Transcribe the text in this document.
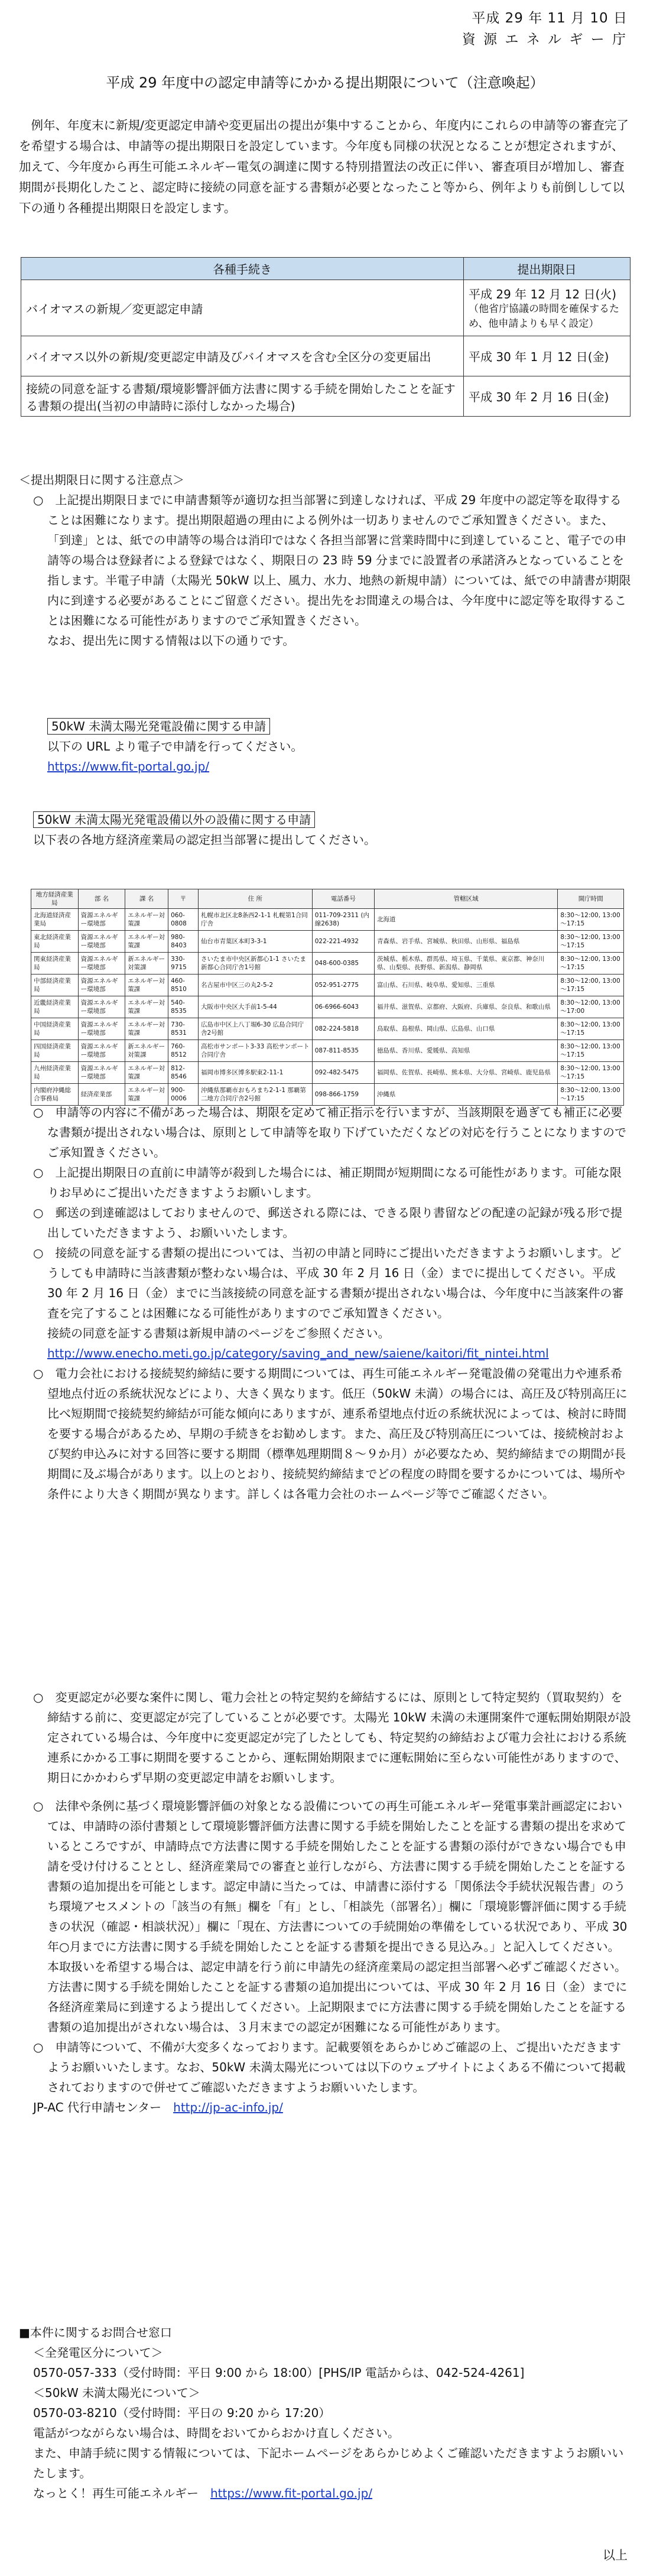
平成 29 年 11 月 10 日
資 源 エ ネ ル ギ ー 庁
平成 29 年度中の認定申請等にかかる提出期限について（注意喚起）

例年、年度末に新規/変更認定申請や変更届出の提出が集中することから、年度内にこれらの申請等の審査完了を希望する場合は、申請等の提出期限日を設定しています。今年度も同様の状況となることが想定されますが、加えて、今年度から再生可能エネルギー電気の調達に関する特別措置法の改正に伴い、審査項目が増加し、審査期間が長期化したこと、認定時に接続の同意を証する書類が必要となったこと等から、例年よりも前倒しして以下の通り各種提出期限日を設定します。

各種手続き	提出期限日
バイオマスの新規／変更認定申請	平成 29 年 12 月 12 日(火)
（他省庁協議の時間を確保するため、他申請よりも早く設定）

バイオマス以外の新規/変更認定申請及びバイオマスを含む全区分の変更届出	平成 30 年 1 月 12 日(金)
接続の同意を証する書類/環境影響評価方法書に関する手続を開始したことを証する書類の提出(当初の申請時に添付しなかった場合)	平成 30 年 2 月 16 日(金)

＜提出期限日に関する注意点＞

○　上記提出期限日までに申請書類等が適切な担当部署に到達しなければ、平成 29 年度中の認定等を取得することは困難になります。提出期限超過の理由による例外は一切ありませんのでご承知置きください。また、「到達」とは、紙での申請等の場合は消印ではなく各担当部署に営業時間中に到達していること、電子での申請等の場合は登録者による登録ではなく、期限日の 23 時 59 分までに設置者の承諾済みとなっていることを指します。半電子申請（太陽光 50kW 以上、風力、水力、地熱の新規申請）については、紙での申請書が期限内に到達する必要があることにご留意ください。提出先をお間違えの場合は、今年度中に認定等を取得することは困難になる可能性がありますのでご承知置きください。

なお、提出先に関する情報は以下の通りです。

50kW 未満太陽光発電設備に関する申請

以下の URL より電子で申請を行ってください。

https://www.fit-portal.go.jp/

50kW 未満太陽光発電設備以外の設備に関する申請

以下表の各地方経済産業局の認定担当部署に提出してください。

地方経済産業局	部 名	課 名	〒	住 所	電話番号	管轄区域	開庁時間
北海道経済産業局	資源エネルギー環境部	エネルギー対策課	060-0808	札幌市北区北8条西2-1-1 札幌第1合同庁舎	011-709-2311 (内線2638)	北海道	8:30～12:00, 13:00～17:15
東北経済産業局	資源エネルギー環境部	エネルギー対策課	980-8403	仙台市青葉区本町3-3-1	022-221-4932	青森県、岩手県、宮城県、秋田県、山形県、福島県	8:30～12:00, 13:00～17:15
関東経済産業局	資源エネルギー環境部	新エネルギー対策課	330-9715	さいたま市中央区新都心1-1 さいたま新都心合同庁舎1号館	048-600-0385	茨城県、栃木県、群馬県、埼玉県、千葉県、東京都、神奈川県、山梨県、長野県、新潟県、静岡県	8:30～12:00, 13:00～17:15
中部経済産業局	資源エネルギー環境部	エネルギー対策課	460-8510	名古屋市中区三の丸2-5-2	052-951-2775	富山県、石川県、岐阜県、愛知県、三重県	8:30～12:00, 13:00～17:15
近畿経済産業局	資源エネルギー環境部	エネルギー対策課	540-8535	大阪市中央区大手前1-5-44	06-6966-6043	福井県、滋賀県、京都府、大阪府、兵庫県、奈良県、和歌山県	8:30～12:00, 13:00～17:00
中国経済産業局	資源エネルギー環境部	エネルギー対策課	730-8531	広島市中区上八丁堀6-30 広島合同庁舎2号館	082-224-5818	鳥取県、島根県、岡山県、広島県、山口県	8:30～12:00, 13:00～17:15
四国経済産業局	資源エネルギー環境部	新エネルギー対策課	760-8512	高松市サンポート3-33 高松サンポート合同庁舎	087-811-8535	徳島県、香川県、愛媛県、高知県	8:30～12:00, 13:00～17:15
九州経済産業局	資源エネルギー環境部	エネルギー対策課	812-8546	福岡市博多区博多駅東2-11-1	092-482-5475	福岡県、佐賀県、長崎県、熊本県、大分県、宮崎県、鹿児島県	8:30～12:00, 13:00～17:15
内閣府沖縄総合事務局	経済産業部	エネルギー対策課	900-0006	沖縄県那覇市おもろまち2-1-1 那覇第二地方合同庁舎2号館	098-866-1759	沖縄県	8:30～12:00, 13:00～17:15

○　申請等の内容に不備があった場合は、期限を定めて補正指示を行いますが、当該期限を過ぎても補正に必要な書類が提出されない場合は、原則として申請等を取り下げていただくなどの対応を行うことになりますのでご承知置きください。

○　上記提出期限日の直前に申請等が殺到した場合には、補正期間が短期間になる可能性があります。可能な限りお早めにご提出いただきますようお願いします。

○　郵送の到達確認はしておりませんので、郵送される際には、できる限り書留などの配達の記録が残る形で提出していただきますよう、お願いいたします。

○　接続の同意を証する書類の提出については、当初の申請と同時にご提出いただきますようお願いします。どうしても申請時に当該書類が整わない場合は、平成 30 年 2 月 16 日（金）までに提出してください。平成 30 年 2 月 16 日（金）までに当該接続の同意を証する書類が提出されない場合は、今年度中に当該案件の審査を完了することは困難になる可能性がありますのでご承知置きください。

接続の同意を証する書類は新規申請のページをご参照ください。

http://www.enecho.meti.go.jp/category/saving_and_new/saiene/kaitori/fit_nintei.html

○　電力会社における接続契約締結に要する期間については、再生可能エネルギー発電設備の発電出力や連系希望地点付近の系統状況などにより、大きく異なります。低圧（50kW 未満）の場合には、高圧及び特別高圧に比べ短期間で接続契約締結が可能な傾向にありますが、連系希望地点付近の系統状況によっては、検討に時間を要する場合があるため、早期の手続きをお勧めします。また、高圧及び特別高圧については、接続検討および契約申込みに対する回答に要する期間（標準処理期間８～９か月）が必要なため、契約締結までの期間が長期間に及ぶ場合があります。以上のとおり、接続契約締結までどの程度の時間を要するかについては、場所や条件により大きく期間が異なります。詳しくは各電力会社のホームページ等でご確認ください。

○　変更認定が必要な案件に関し、電力会社との特定契約を締結するには、原則として特定契約（買取契約）を締結する前に、変更認定が完了していることが必要です。太陽光 10kW 未満の未運開案件で運転開始期限が設定されている場合は、今年度中に変更認定が完了したとしても、特定契約の締結および電力会社における系統連系にかかる工事に期間を要することから、運転開始期限までに運転開始に至らない可能性がありますので、期日にかかわらず早期の変更認定申請をお願いします。

○　法律や条例に基づく環境影響評価の対象となる設備についての再生可能エネルギー発電事業計画認定においては、申請時の添付書類として環境影響評価方法書に関する手続を開始したことを証する書類の提出を求めているところですが、申請時点で方法書に関する手続を開始したことを証する書類の添付ができない場合でも申請を受け付けることとし、経済産業局での審査と並行しながら、方法書に関する手続を開始したことを証する書類の追加提出を可能とします。認定申請に当たっては、申請書に添付する「関係法令手続状況報告書」のうち環境アセスメントの「該当の有無」欄を「有」とし、「相談先（部署名）」欄に「環境影響評価に関する手続きの状況（確認・相談状況）」欄に「現在、方法書についての手続開始の準備をしている状況であり、平成 30 年○月までに方法書に関する手続を開始したことを証する書類を提出できる見込み。」と記入してください。本取扱いを希望する場合は、認定申請を行う前に申請先の経済産業局の認定担当部署へ必ずご確認ください。方法書に関する手続を開始したことを証する書類の追加提出については、平成 30 年 2 月 16 日（金）までに各経済産業局に到達するよう提出してください。上記期限までに方法書に関する手続を開始したことを証する書類の追加提出がされない場合は、３月末までの認定が困難になる可能性があります。

○　申請等について、不備が大変多くなっております。記載要領をあらかじめご確認の上、ご提出いただきますようお願いいたします。なお、50kW 未満太陽光については以下のウェブサイトによくある不備について掲載されておりますので併せてご確認いただきますようお願いいたします。

JP-AC 代行申請センター　 http://jp-ac-info.jp/

■本件に関するお問合せ窓口

＜全発電区分について＞

0570-057-333（受付時間：平日 9:00 から 18:00）[PHS/IP 電話からは、042-524-4261]

＜50kW 未満太陽光について＞

0570-03-8210（受付時間：平日の 9:20 から 17:20）

電話がつながらない場合は、時間をおいてからおかけ直しください。

また、申請手続に関する情報については、下記ホームページをあらかじめよくご確認いただきますようお願いいたします。

なっとく！再生可能エネルギー　 https://www.fit-portal.go.jp/

以上
